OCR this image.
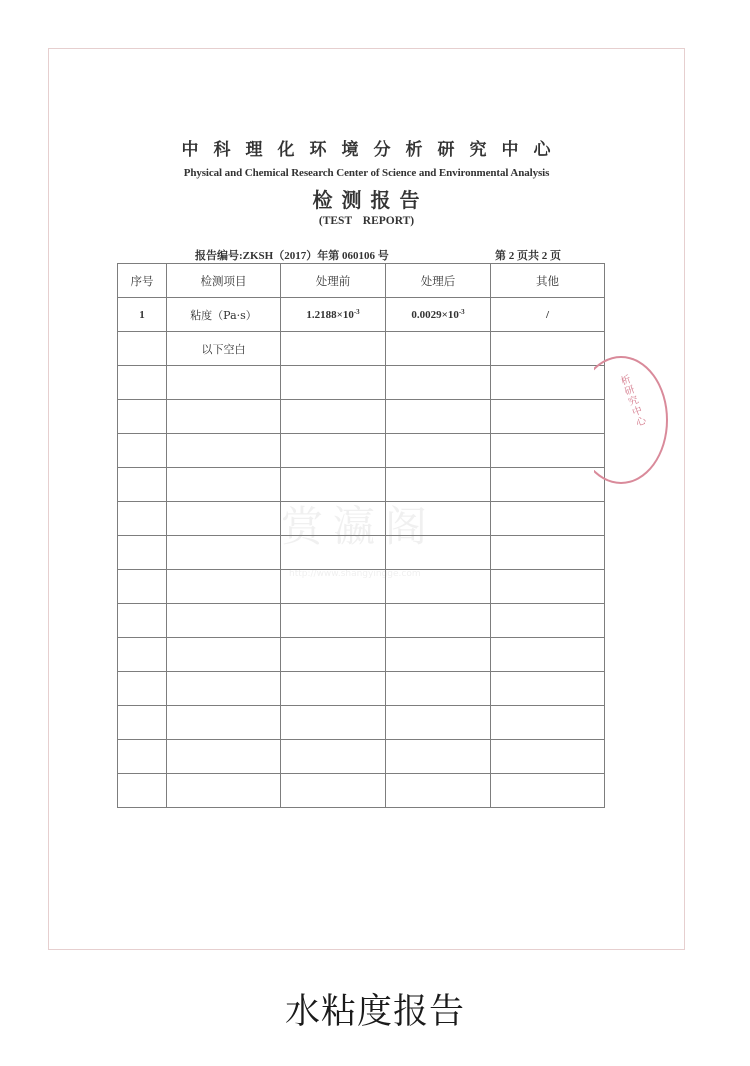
中科理化环境分析研究中心
Physical and Chemical Research Center of Science and Environmental Analysis
检测报告
(TEST REPORT)
报告编号:ZKSH（2017）年第 060106 号	第 2 页共 2 页
赏瀛阁
http://www.shangyingge.com
序号	检测项目	处理前	处理后	其他
1	粘度（Pa·s）	$1.2188\times 10^{-3}$	$0.0029\times 10^{-3}$	/
	以下空白			

析研究中心
水粘度报告
